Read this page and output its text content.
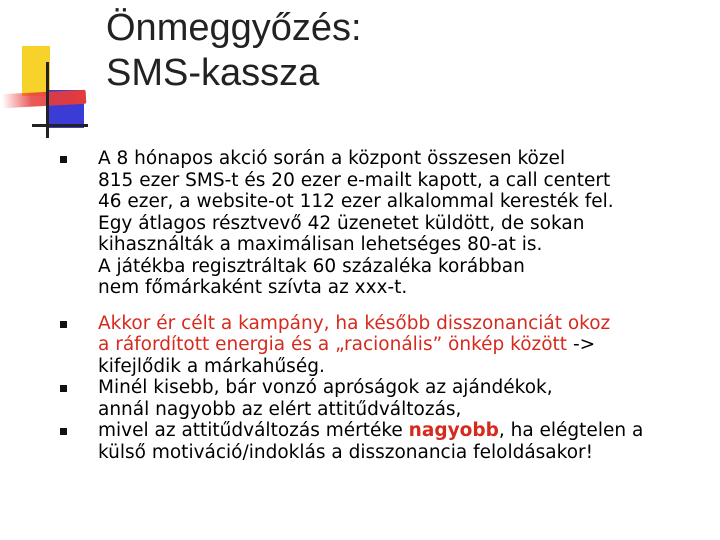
Önmeggyőzés:
SMS-kassza
A 8 hónapos akció során a központ összesen közel
815 ezer SMS-t és 20 ezer e-mailt kapott, a call centert
46 ezer, a website-ot 112 ezer alkalommal keresték fel.
Egy átlagos résztvevő 42 üzenetet küldött, de sokan
kihasználták a maximálisan lehetséges 80-at is.
A játékba regisztráltak 60 százaléka korábban
nem főmárkaként szívta az xxx-t.
Akkor ér célt a kampány, ha később disszonanciát okoz
a ráfordított energia és a „racionális” önkép között ->
kifejlődik a márkahűség.
Minél kisebb, bár vonzó apróságok az ajándékok,
annál nagyobb az elért attitűdváltozás,
mivel az attitűdváltozás mértéke nagyobb, ha elégtelen a
külső motiváció/indoklás a disszonancia feloldásakor!
